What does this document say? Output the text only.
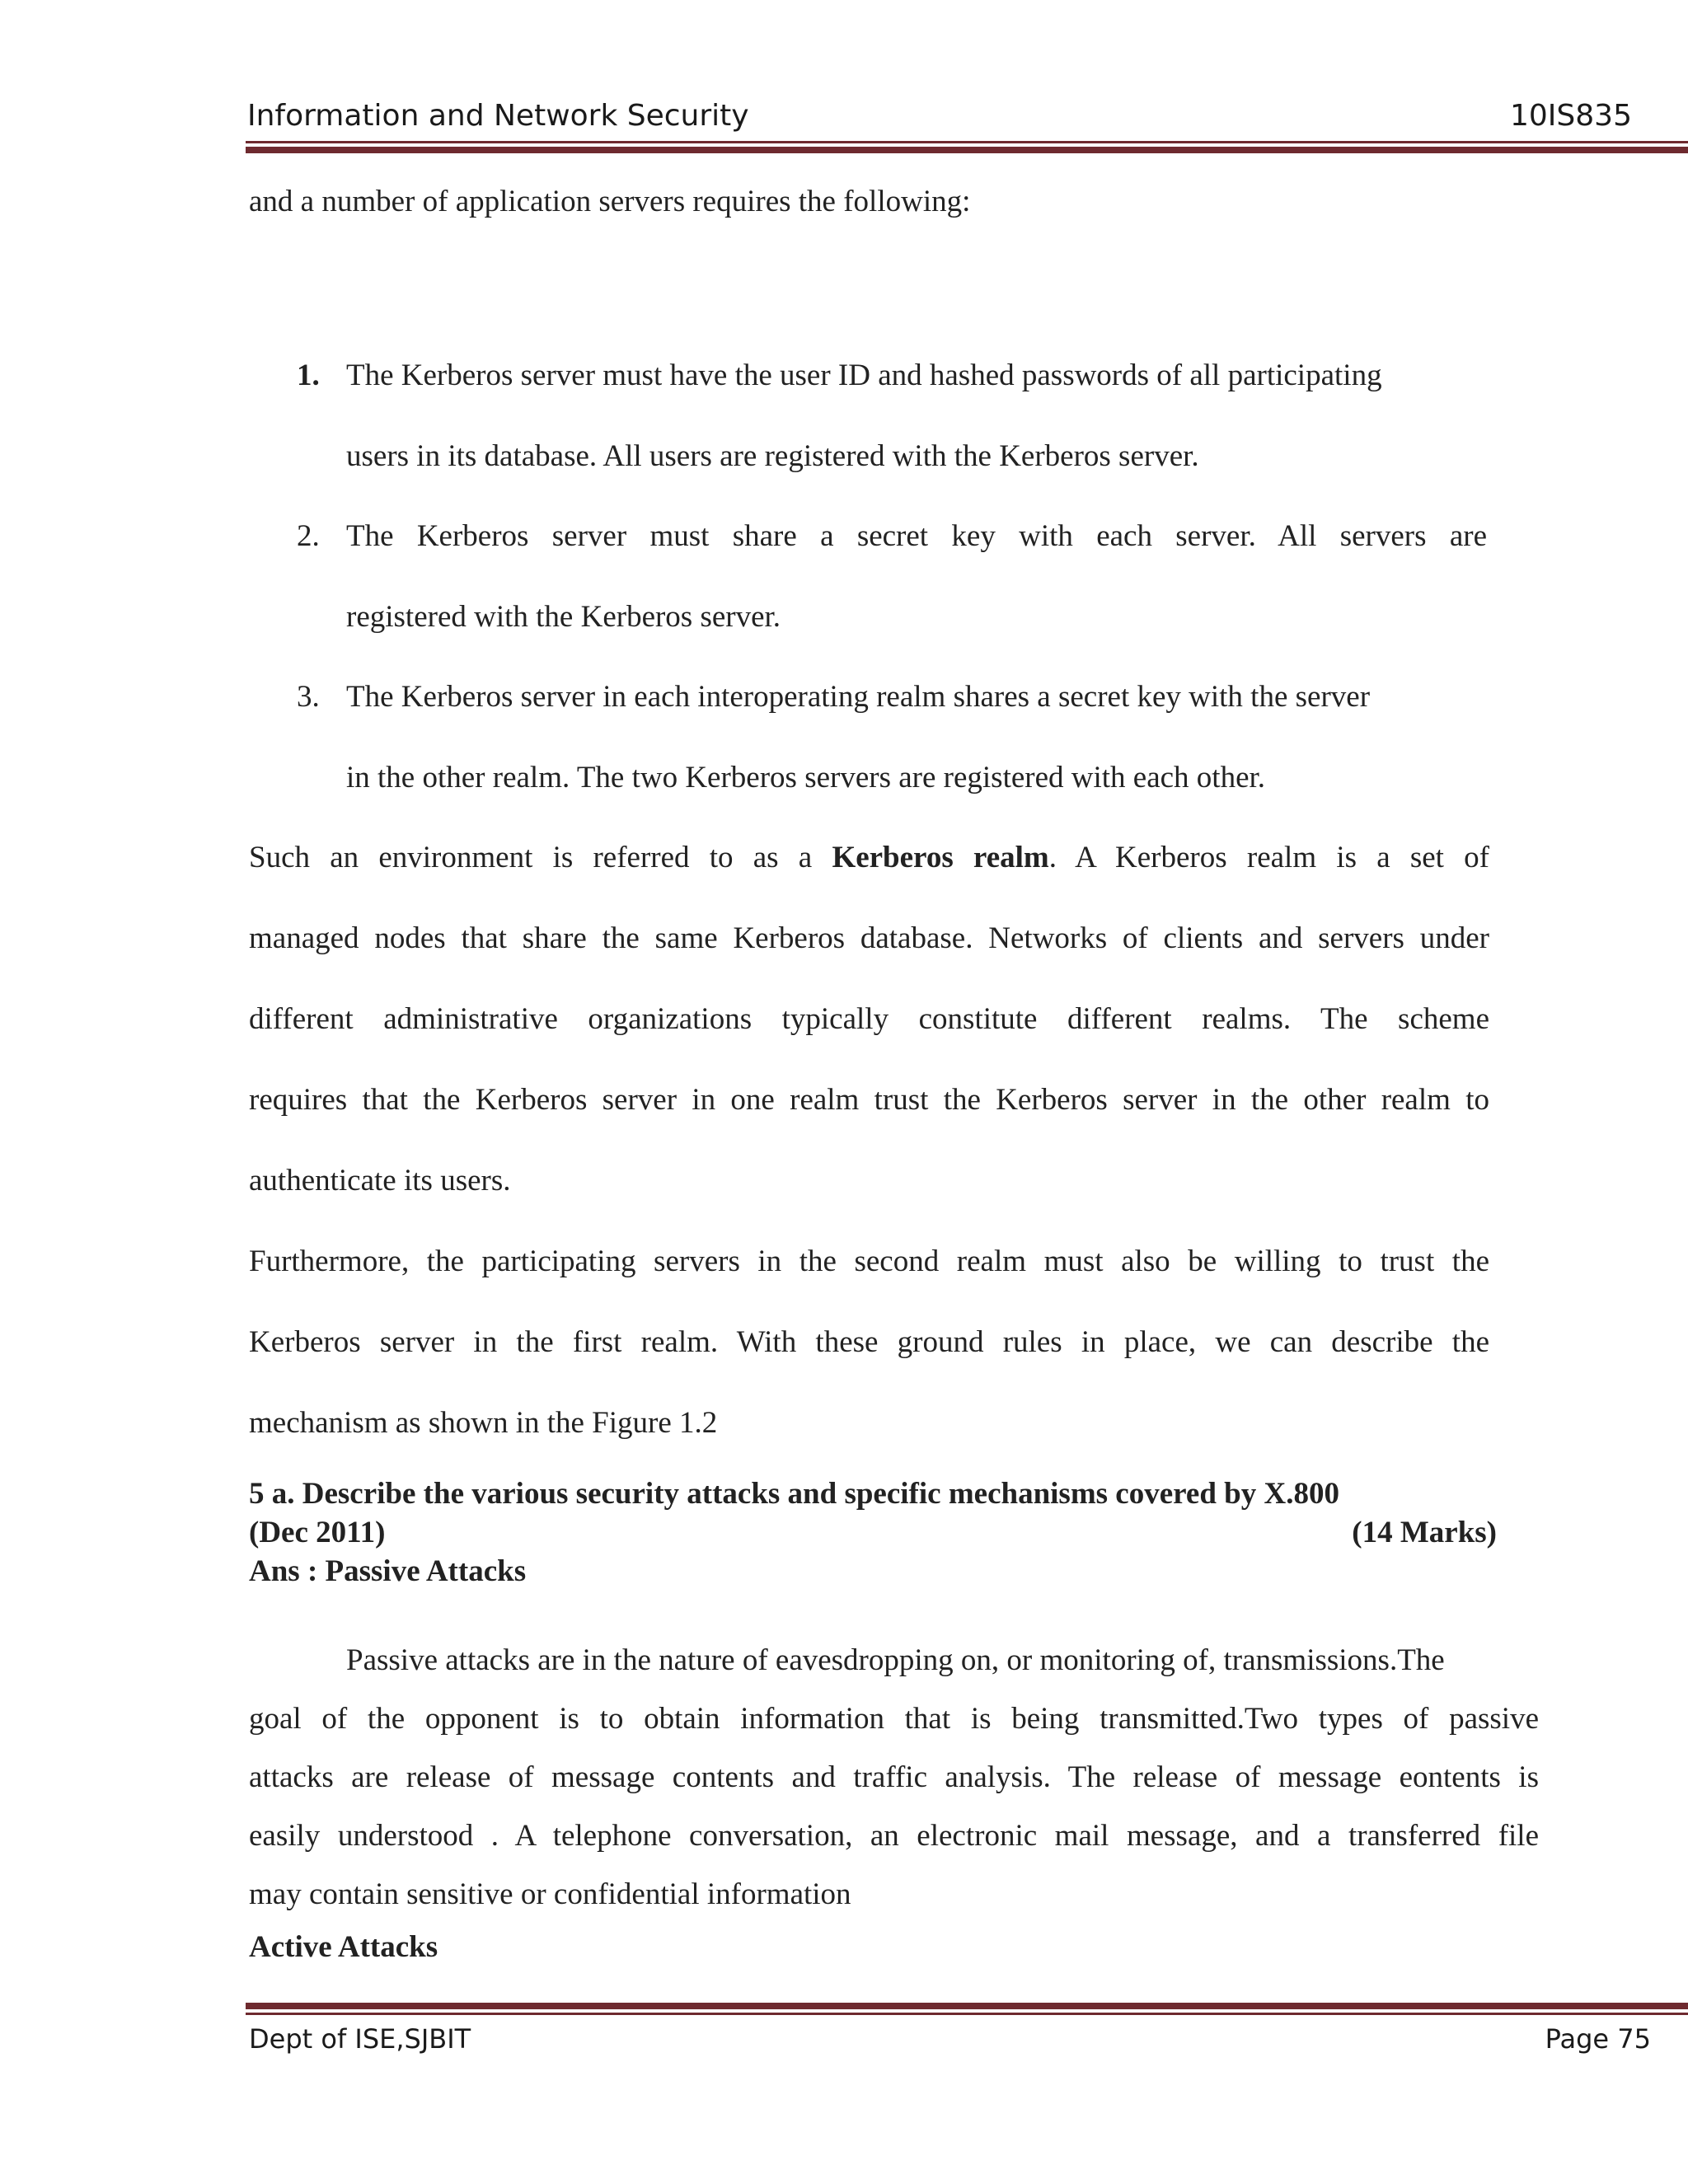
Information and Network Security	10IS835
and a number of application servers requires the following:
1. The Kerberos server must have the user ID and hashed passwords of all participating
users in its database. All users are registered with the Kerberos server.
2. The Kerberos server must share a secret key with each server. All servers are
registered with the Kerberos server.
3. The Kerberos server in each interoperating realm shares a secret key with the server
in the other realm. The two Kerberos servers are registered with each other.
Such an environment is referred to as a Kerberos realm. A Kerberos realm is a set of
managed nodes that share the same Kerberos database. Networks of clients and servers under
different administrative organizations typically constitute different realms. The scheme
requires that the Kerberos server in one realm trust the Kerberos server in the other realm to
authenticate its users.
Furthermore, the participating servers in the second realm must also be willing to trust the
Kerberos server in the first realm. With these ground rules in place, we can describe the
mechanism as shown in the Figure 1.2
5 a. Describe the various security attacks and specific mechanisms covered by X.800
(Dec 2011)	(14 Marks)
Ans : Passive Attacks
Passive attacks are in the nature of eavesdropping on, or monitoring of, transmissions.The
goal of the opponent is to obtain information that is being transmitted.Two types of passive
attacks are release of message contents and traffic analysis. The release of message eontents is
easily understood . A telephone conversation, an electronic mail message, and a transferred file
may contain sensitive or confidential information
Active Attacks
Dept of ISE,SJBIT	Page 75
